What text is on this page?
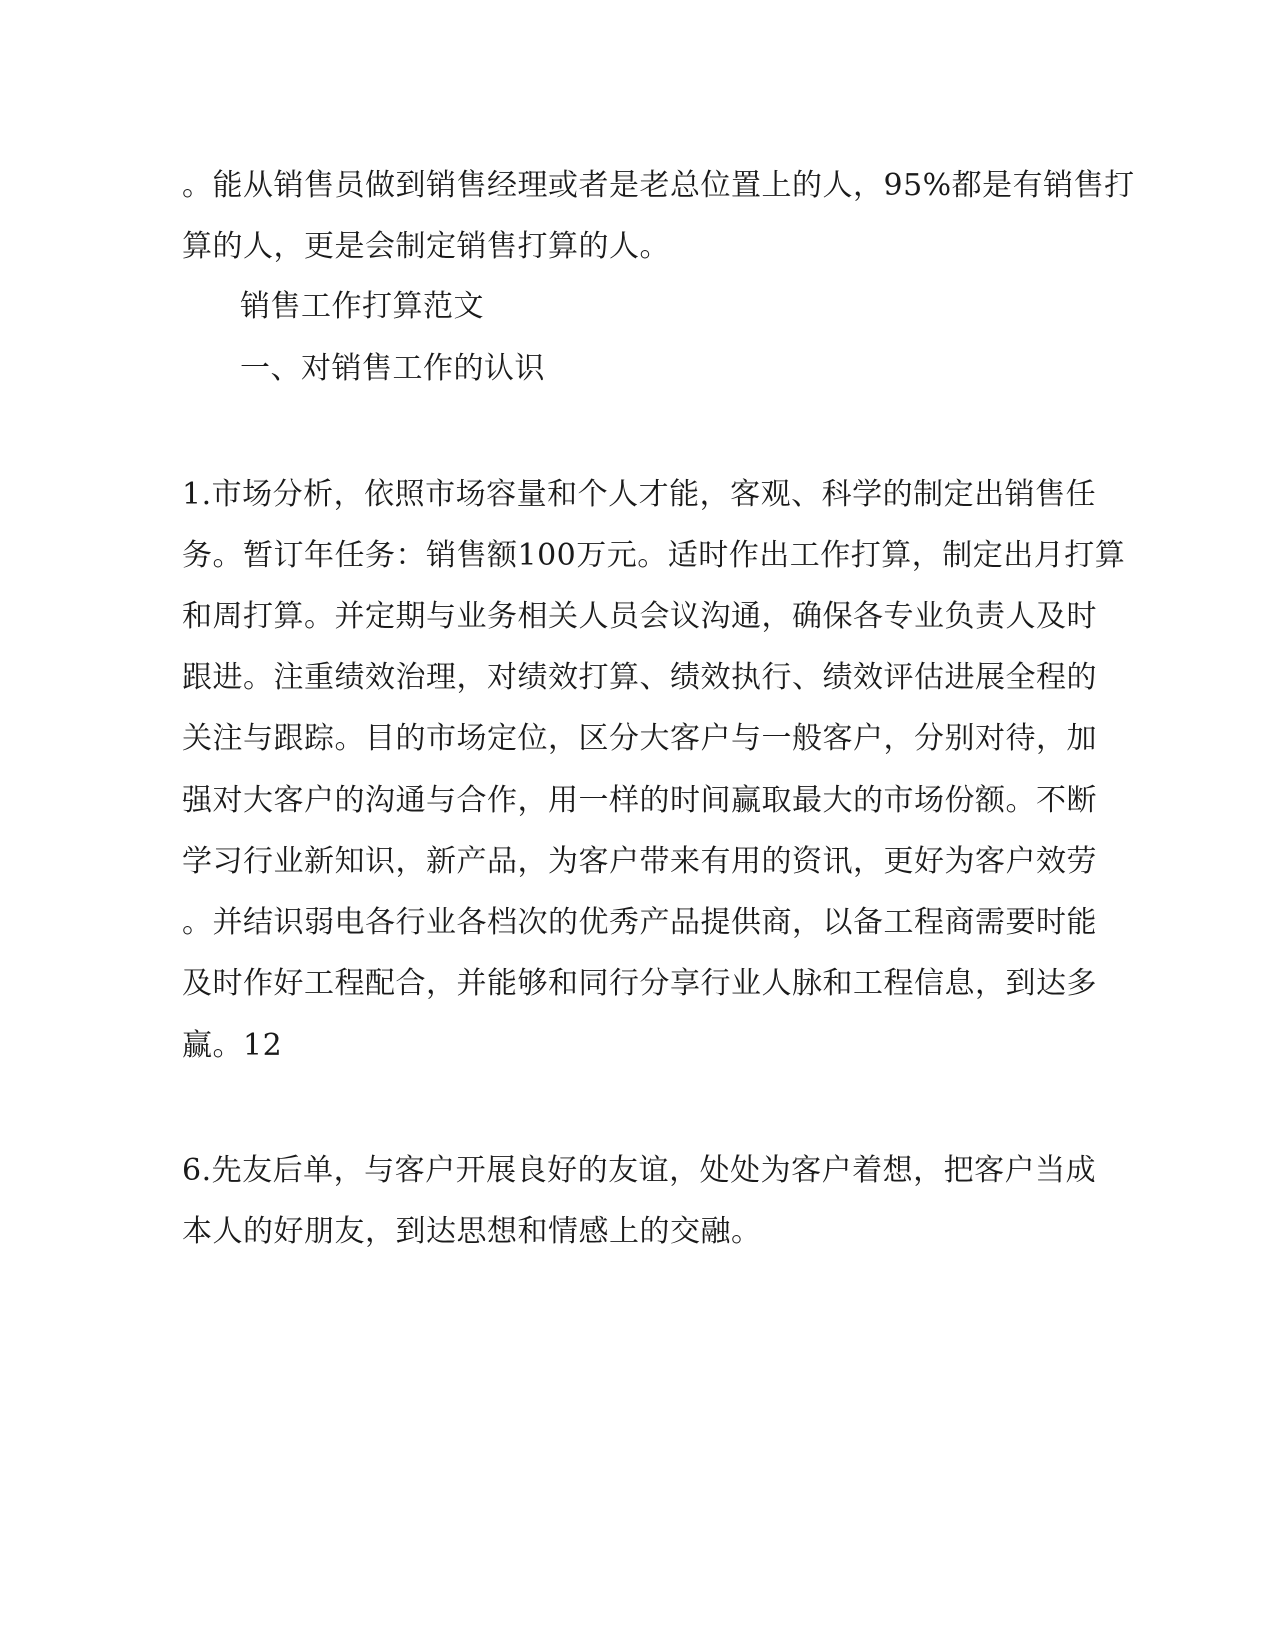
。能从销售员做到销售经理或者是老总位置上的人，95%都是有销售打
算的人，更是会制定销售打算的人。
销售工作打算范文
一、对销售工作的认识
1.市场分析，依照市场容量和个人才能，客观、科学的制定出销售任
务。暂订年任务：销售额100万元。适时作出工作打算，制定出月打算
和周打算。并定期与业务相关人员会议沟通，确保各专业负责人及时
跟进。注重绩效治理，对绩效打算、绩效执行、绩效评估进展全程的
关注与跟踪。目的市场定位，区分大客户与一般客户，分别对待，加
强对大客户的沟通与合作，用一样的时间赢取最大的市场份额。不断
学习行业新知识，新产品，为客户带来有用的资讯，更好为客户效劳
。并结识弱电各行业各档次的优秀产品提供商，以备工程商需要时能
及时作好工程配合，并能够和同行分享行业人脉和工程信息，到达多
赢。12
6.先友后单，与客户开展良好的友谊，处处为客户着想，把客户当成
本人的好朋友，到达思想和情感上的交融。
